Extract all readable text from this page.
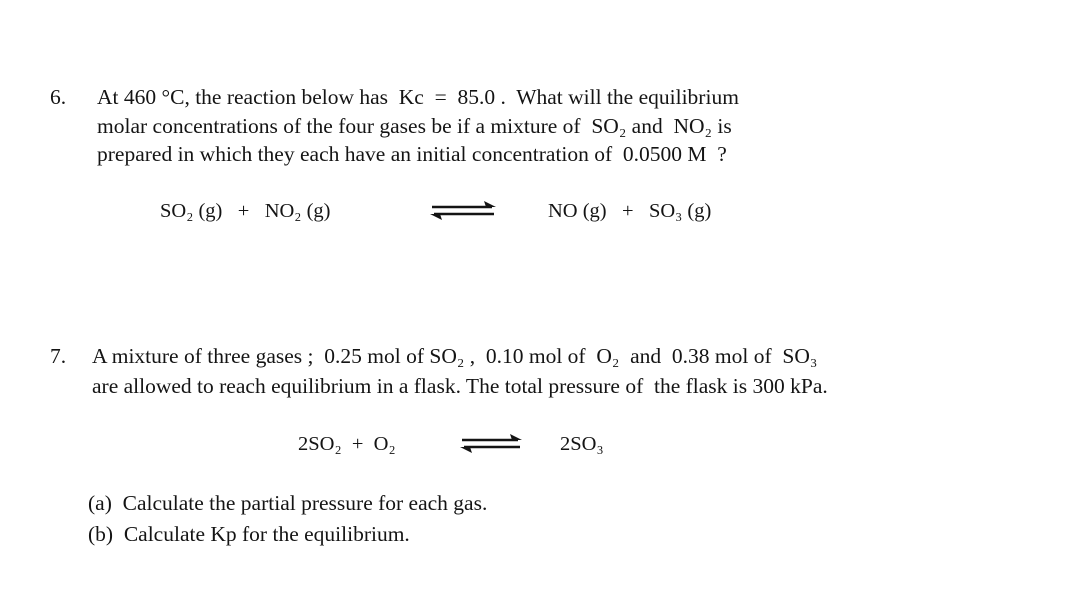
6. At 460 °C, the reaction below has  Kc  =  85.0 .  What will the equilibrium
molar concentrations of the four gases be if a mixture of  SO₂ and  NO₂ is
prepared in which they each have an initial concentration of  0.0500 M  ?
SO₂ (g)   +   NO₂ (g)	NO (g)   +   SO₃ (g)
7. A mixture of three gases ;  0.25 mol of SO₂ ,  0.10 mol of  O₂  and  0.38 mol of  SO₃
are allowed to reach equilibrium in a flask. The total pressure of  the flask is 300 kPa.
2SO₂  +  O₂	2SO₃
(a)  Calculate the partial pressure for each gas.
(b)  Calculate Kp for the equilibrium.
